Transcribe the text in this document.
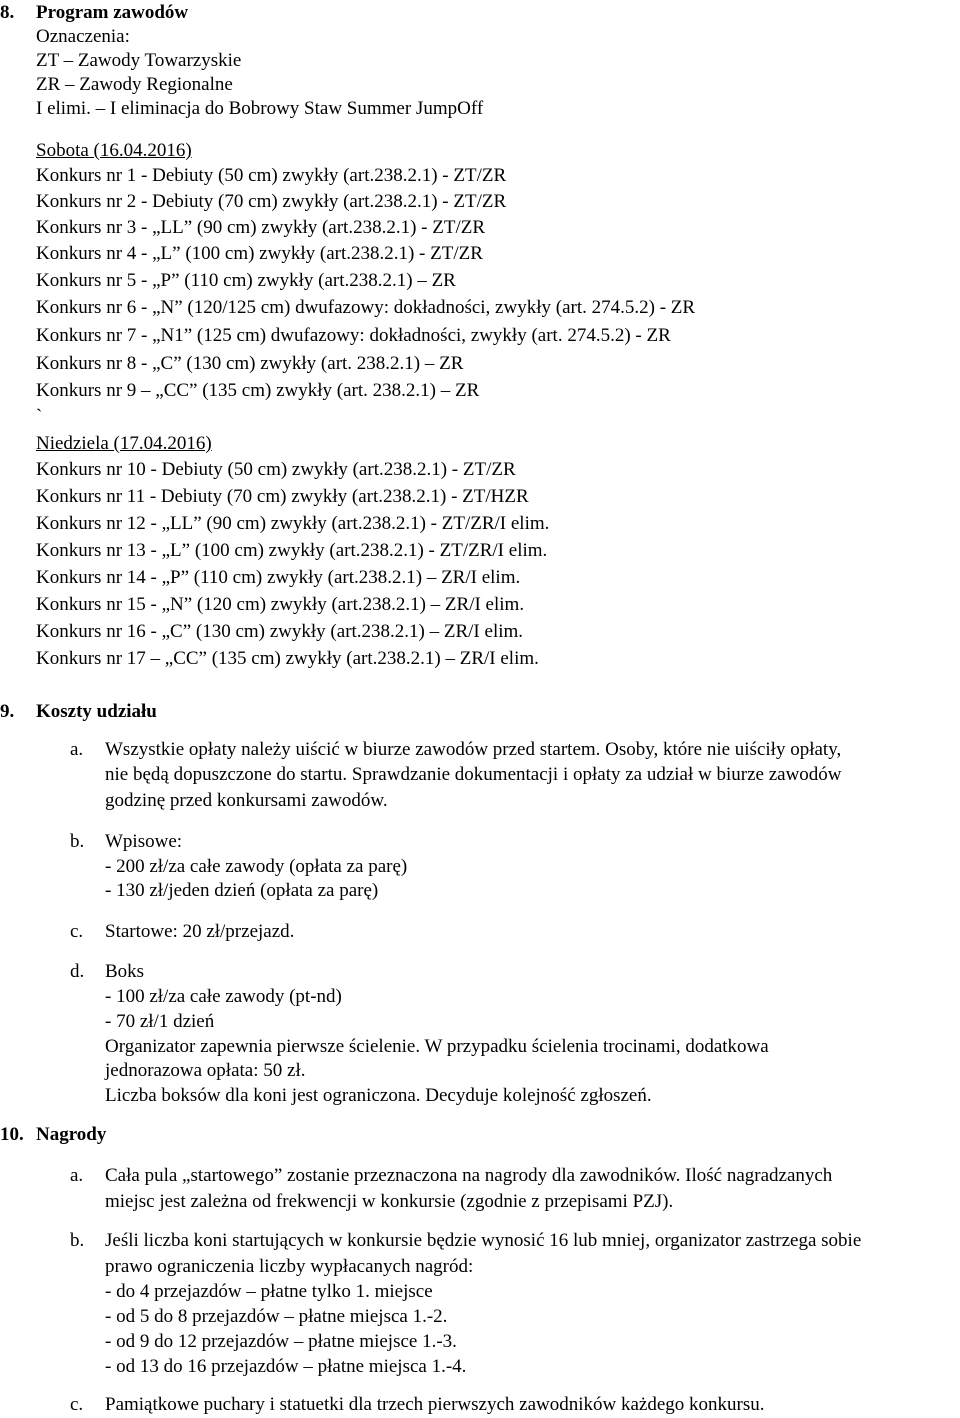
8. Program zawodów
Oznaczenia:
ZT – Zawody Towarzyskie
ZR – Zawody Regionalne
I elimi. – I eliminacja do Bobrowy Staw Summer JumpOff
Sobota (16.04.2016)
Konkurs nr 1 - Debiuty (50 cm) zwykły (art.238.2.1) - ZT/ZR
Konkurs nr 2 - Debiuty (70 cm) zwykły (art.238.2.1) - ZT/ZR
Konkurs nr 3 - „LL” (90 cm) zwykły (art.238.2.1) - ZT/ZR
Konkurs nr 4 - „L” (100 cm) zwykły (art.238.2.1) - ZT/ZR
Konkurs nr 5 - „P” (110 cm) zwykły (art.238.2.1) – ZR
Konkurs nr 6 - „N” (120/125 cm) dwufazowy: dokładności, zwykły (art. 274.5.2) - ZR
Konkurs nr 7 - „N1” (125 cm) dwufazowy: dokładności, zwykły (art. 274.5.2) - ZR
Konkurs nr 8 - „C” (130 cm) zwykły (art. 238.2.1) – ZR
Konkurs nr 9 – „CC” (135 cm) zwykły (art. 238.2.1) – ZR
`
Niedziela (17.04.2016)
Konkurs nr 10 - Debiuty (50 cm) zwykły (art.238.2.1) - ZT/ZR
Konkurs nr 11 - Debiuty (70 cm) zwykły (art.238.2.1) - ZT/HZR
Konkurs nr 12 - „LL” (90 cm) zwykły (art.238.2.1) - ZT/ZR/I elim.
Konkurs nr 13 - „L” (100 cm) zwykły (art.238.2.1) - ZT/ZR/I elim.
Konkurs nr 14 - „P” (110 cm) zwykły (art.238.2.1) – ZR/I elim.
Konkurs nr 15 - „N” (120 cm) zwykły (art.238.2.1) – ZR/I elim.
Konkurs nr 16 - „C” (130 cm) zwykły (art.238.2.1) – ZR/I elim.
Konkurs nr 17 – „CC” (135 cm) zwykły (art.238.2.1) – ZR/I elim.
9. Koszty udziału
a. Wszystkie opłaty należy uiścić w biurze zawodów przed startem. Osoby, które nie uiściły opłaty,
nie będą dopuszczone do startu. Sprawdzanie dokumentacji i opłaty za udział w biurze zawodów
godzinę przed konkursami zawodów.
b. Wpisowe:
- 200 zł/za całe zawody (opłata za parę)
- 130 zł/jeden dzień (opłata za parę)
c. Startowe: 20 zł/przejazd.
d. Boks
- 100 zł/za całe zawody (pt-nd)
- 70 zł/1 dzień
Organizator zapewnia pierwsze ścielenie. W przypadku ścielenia trocinami, dodatkowa
jednorazowa opłata: 50 zł.
Liczba boksów dla koni jest ograniczona. Decyduje kolejność zgłoszeń.
10. Nagrody
a. Cała pula „startowego” zostanie przeznaczona na nagrody dla zawodników. Ilość nagradzanych
miejsc jest zależna od frekwencji w konkursie (zgodnie z przepisami PZJ).
b. Jeśli liczba koni startujących w konkursie będzie wynosić 16 lub mniej, organizator zastrzega sobie
prawo ograniczenia liczby wypłacanych nagród:
- do 4 przejazdów – płatne tylko 1. miejsce
- od 5 do 8 przejazdów – płatne miejsca 1.-2.
- od 9 do 12 przejazdów – płatne miejsce 1.-3.
- od 13 do 16 przejazdów – płatne miejsca 1.-4.
c. Pamiątkowe puchary i statuetki dla trzech pierwszych zawodników każdego konkursu.
